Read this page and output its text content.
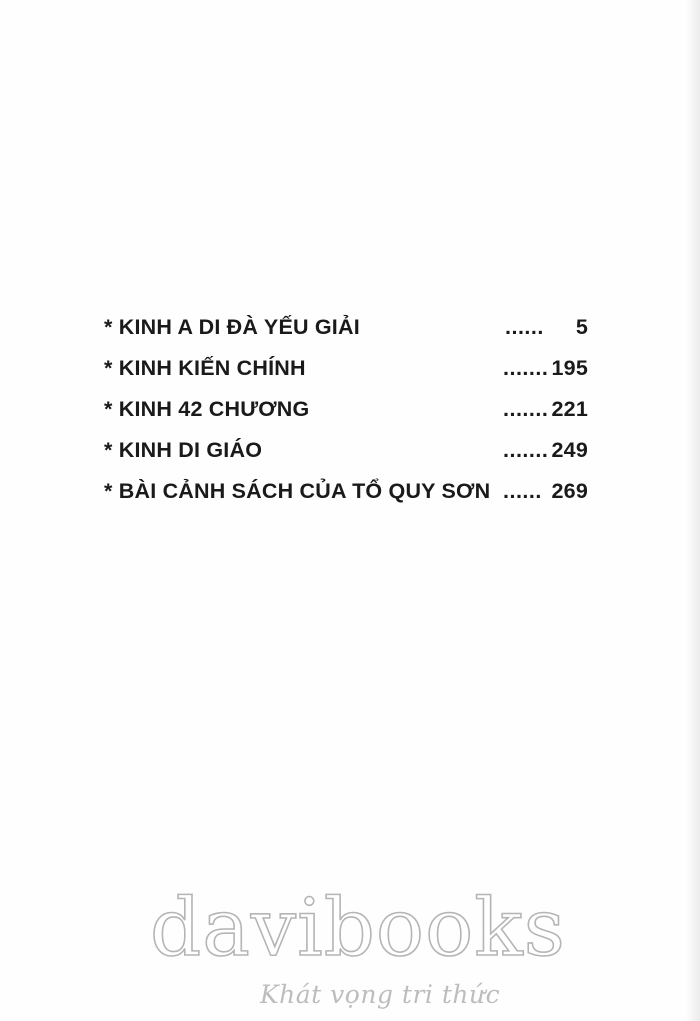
* KINH A DI ĐÀ YẾU GIẢI	...... 5
* KINH KIẾN CHÍNH	....... 195
* KINH 42 CHƯƠNG	....... 221
* KINH DI GIÁO	....... 249
* BÀI CẢNH SÁCH CỦA TỔ QUY SƠN ...... 269
davibooks
Khát vọng tri thức
